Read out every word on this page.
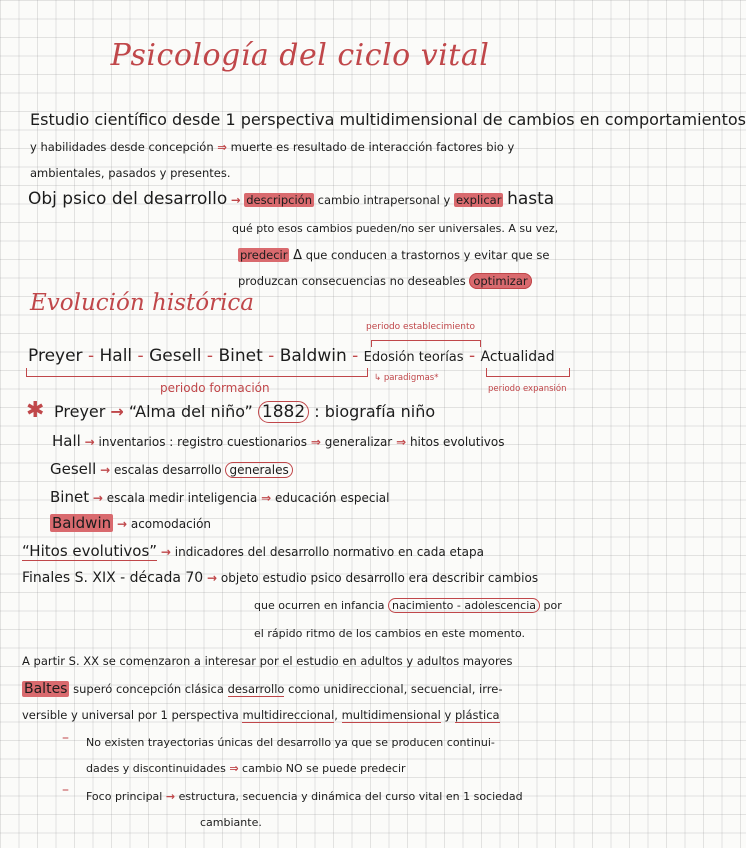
Psicología del ciclo vital
Estudio científico desde 1 perspectiva multidimensional de cambios en comportamientos
y habilidades desde concepción ⇒ muerte es resultado de interacción factores bio y
ambientales, pasados y presentes.
Obj psico del desarrollo → descripción cambio intrapersonal y explicar hasta
qué pto esos cambios pueden/no ser universales. A su vez,
predecir Δ que conducen a trastornos y evitar que se
produzcan consecuencias no deseables optimizar
Evolución histórica
periodo establecimiento
Preyer - Hall - Gesell - Binet - Baldwin - Edosión teorías - Actualidad
↳ paradigmas*
periodo formación	periodo expansión
✱ Preyer → “Alma del niño” 1882 : biografía niño
Hall → inventarios : registro cuestionarios ⇒ generalizar ⇒ hitos evolutivos
Gesell → escalas desarrollo generales
Binet → escala medir inteligencia ⇒ educación especial
Baldwin → acomodación
“Hitos evolutivos” → indicadores del desarrollo normativo en cada etapa
Finales S. XIX - década 70 → objeto estudio psico desarrollo era describir cambios
que ocurren en infancia nacimiento - adolescencia por
el rápido ritmo de los cambios en este momento.
A partir S. XX se comenzaron a interesar por el estudio en adultos y adultos mayores
Baltes superó concepción clásica desarrollo como unidireccional, secuencial, irre-
versible y universal por 1 perspectiva multidireccional, multidimensional y plástica
– No existen trayectorias únicas del desarrollo ya que se producen continui-
dades y discontinuidades ⇒ cambio NO se puede predecir
– Foco principal → estructura, secuencia y dinámica del curso vital en 1 sociedad
cambiante.
